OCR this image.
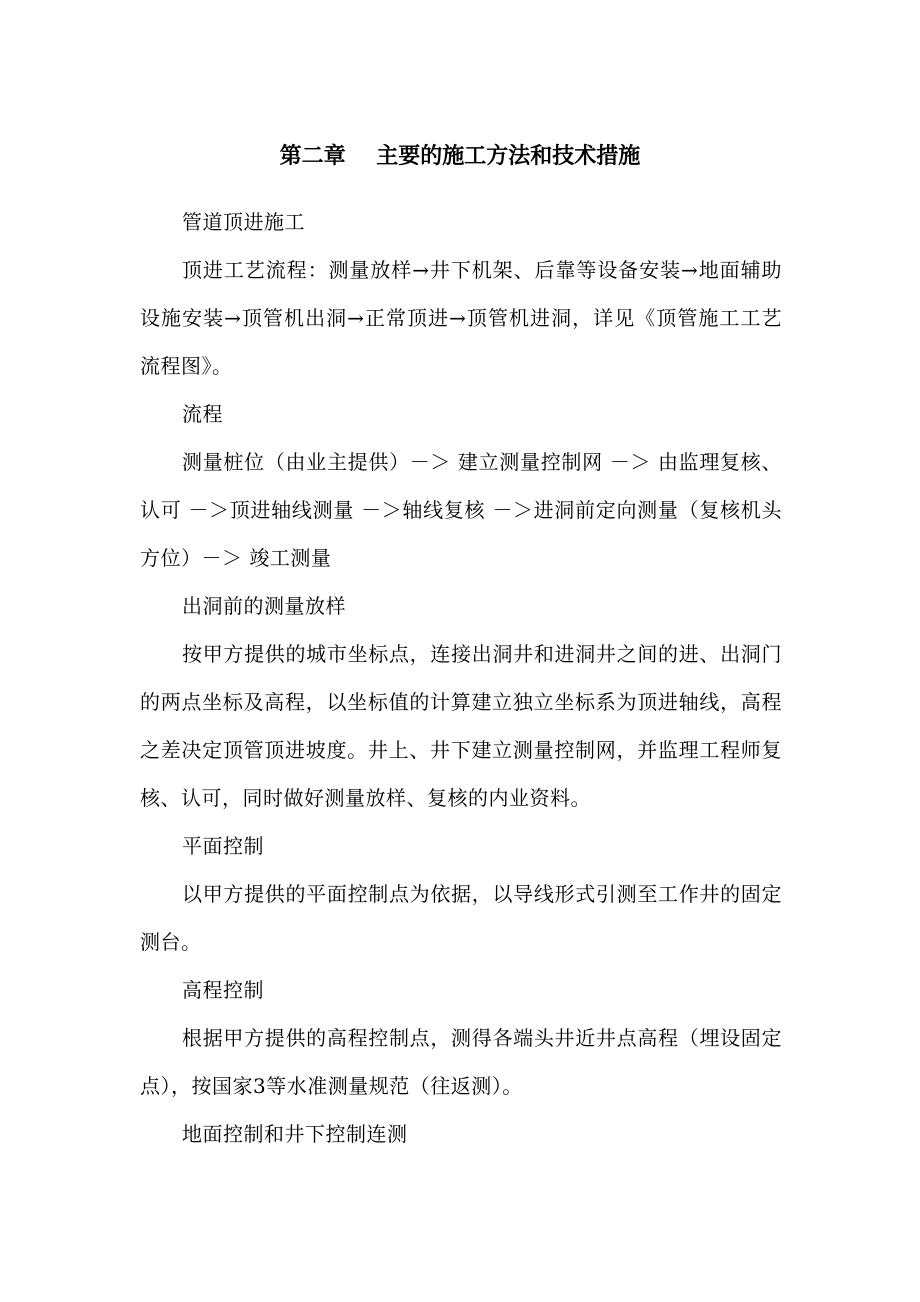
第二章    主要的施工方法和技术措施

管道顶进施工

顶进工艺流程：测量放样→井下机架、后靠等设备安装→地面辅助设施安装→顶管机出洞→正常顶进→顶管机进洞，详见《顶管施工工艺流程图》。

流程

测量桩位（由业主提供）－＞ 建立测量控制网 －＞ 由监理复核、认可 －＞顶进轴线测量 －＞轴线复核 －＞进洞前定向测量（复核机头方位）－＞ 竣工测量

出洞前的测量放样

按甲方提供的城市坐标点，连接出洞井和进洞井之间的进、出洞门的两点坐标及高程，以坐标值的计算建立独立坐标系为顶进轴线，高程之差决定顶管顶进坡度。井上、井下建立测量控制网，并监理工程师复核、认可，同时做好测量放样、复核的内业资料。

平面控制

以甲方提供的平面控制点为依据，以导线形式引测至工作井的固定测台。

高程控制

根据甲方提供的高程控制点，测得各端头井近井点高程（埋设固定点），按国家3等水准测量规范（往返测）。

地面控制和井下控制连测
